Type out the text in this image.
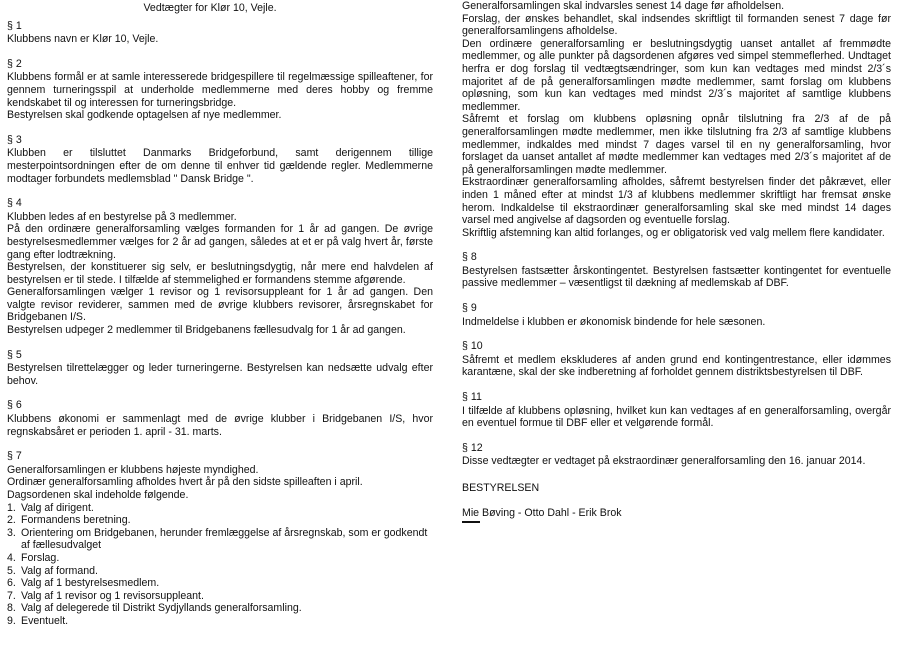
Vedtægter for Klør 10, Vejle.
§ 1
Klubbens navn er Klør 10, Vejle.
§ 2
Klubbens formål er at samle interesserede bridgespillere til regelmæssige spilleaftener, for gennem turneringsspil at underholde medlemmerne med deres hobby og fremme kendskabet til og interessen for turneringsbridge.
Bestyrelsen skal godkende optagelsen af nye medlemmer.
§ 3
Klubben er tilsluttet Danmarks Bridgeforbund, samt derigennem tillige mesterpointsordningen efter de om denne til enhver tid gældende regler. Medlemmerne modtager forbundets medlemsblad " Dansk Bridge ".
§ 4
Klubben ledes af en bestyrelse på 3 medlemmer.
På den ordinære generalforsamling vælges formanden for 1 år ad gangen. De øvrige bestyrelsesmedlemmer vælges for 2 år ad gangen, således at et er på valg hvert år, første gang efter lodtrækning.
Bestyrelsen, der konstituerer sig selv, er beslutningsdygtig, når mere end halvdelen af bestyrelsen er til stede. I tilfælde af stemmelighed er formandens stemme afgørende.
Generalforsamlingen vælger 1 revisor og 1 revisorsuppleant for 1 år ad gangen. Den valgte revisor reviderer, sammen med de øvrige klubbers revisorer, årsregnskabet for Bridgebanen I/S.
Bestyrelsen udpeger 2 medlemmer til Bridgebanens fællesudvalg for 1 år ad gangen.
§ 5
Bestyrelsen tilrettelægger og leder turneringerne. Bestyrelsen kan nedsætte udvalg efter behov.
§ 6
Klubbens økonomi er sammenlagt med de øvrige klubber i Bridgebanen I/S, hvor regnskabsåret er perioden 1. april - 31. marts.
§ 7
Generalforsamlingen er klubbens højeste myndighed.
Ordinær generalforsamling afholdes hvert år på den sidste spilleaften i april.
Dagsordenen skal indeholde følgende.
1. Valg af dirigent.
2. Formandens beretning.
3. Orientering om Bridgebanen, herunder fremlæggelse af årsregnskab, som er godkendt af fællesudvalget
4. Forslag.
5. Valg af formand.
6. Valg af 1 bestyrelsesmedlem.
7. Valg af 1 revisor og 1 revisorsuppleant.
8. Valg af delegerede til Distrikt Sydjyllands generalforsamling.
9. Eventuelt.
Generalforsamlingen skal indvarsles senest 14 dage før afholdelsen.
Forslag, der ønskes behandlet, skal indsendes skriftligt til formanden senest 7 dage før generalforsamlingens afholdelse.
Den ordinære generalforsamling er beslutningsdygtig uanset antallet af fremmødte medlemmer, og alle punkter på dagsordenen afgøres ved simpel stemmeflerhed. Undtaget herfra er dog forslag til vedtægtsændringer, som kun kan vedtages med mindst 2/3´s majoritet af de på generalforsamlingen mødte medlemmer, samt forslag om klubbens opløsning, som kun kan vedtages med mindst 2/3´s majoritet af samtlige klubbens medlemmer.
Såfremt et forslag om klubbens opløsning opnår tilslutning fra 2/3 af de på generalforsamlingen mødte medlemmer, men ikke tilslutning fra 2/3 af samtlige klubbens medlemmer, indkaldes med mindst 7 dages varsel til en ny generalforsamling, hvor forslaget da uanset antallet af mødte medlemmer kan vedtages med 2/3´s majoritet af de på generalforsamlingen mødte medlemmer.
Ekstraordinær generalforsamling afholdes, såfremt bestyrelsen finder det påkrævet, eller inden 1 måned efter at mindst 1/3 af klubbens medlemmer skriftligt har fremsat ønske herom. Indkaldelse til ekstraordinær generalforsamling skal ske med mindst 14 dages varsel med angivelse af dagsorden og eventuelle forslag.
Skriftlig afstemning kan altid forlanges, og er obligatorisk ved valg mellem flere kandidater.
§ 8
Bestyrelsen fastsætter årskontingentet. Bestyrelsen fastsætter kontingentet for eventuelle passive medlemmer – væsentligst til dækning af medlemskab af DBF.
§ 9
Indmeldelse i klubben er økonomisk bindende for hele sæsonen.
§ 10
Såfremt et medlem ekskluderes af anden grund end kontingentrestance, eller idømmes karantæne, skal der ske indberetning af forholdet gennem distriktsbestyrelsen til DBF.
§ 11
I tilfælde af klubbens opløsning, hvilket kun kan vedtages af en generalforsamling, overgår en eventuel formue til DBF eller et velgørende formål.
§ 12
Disse vedtægter er vedtaget på ekstraordinær generalforsamling den 16. januar 2014.
BESTYRELSEN
Mie Bøving - Otto Dahl - Erik Brok
